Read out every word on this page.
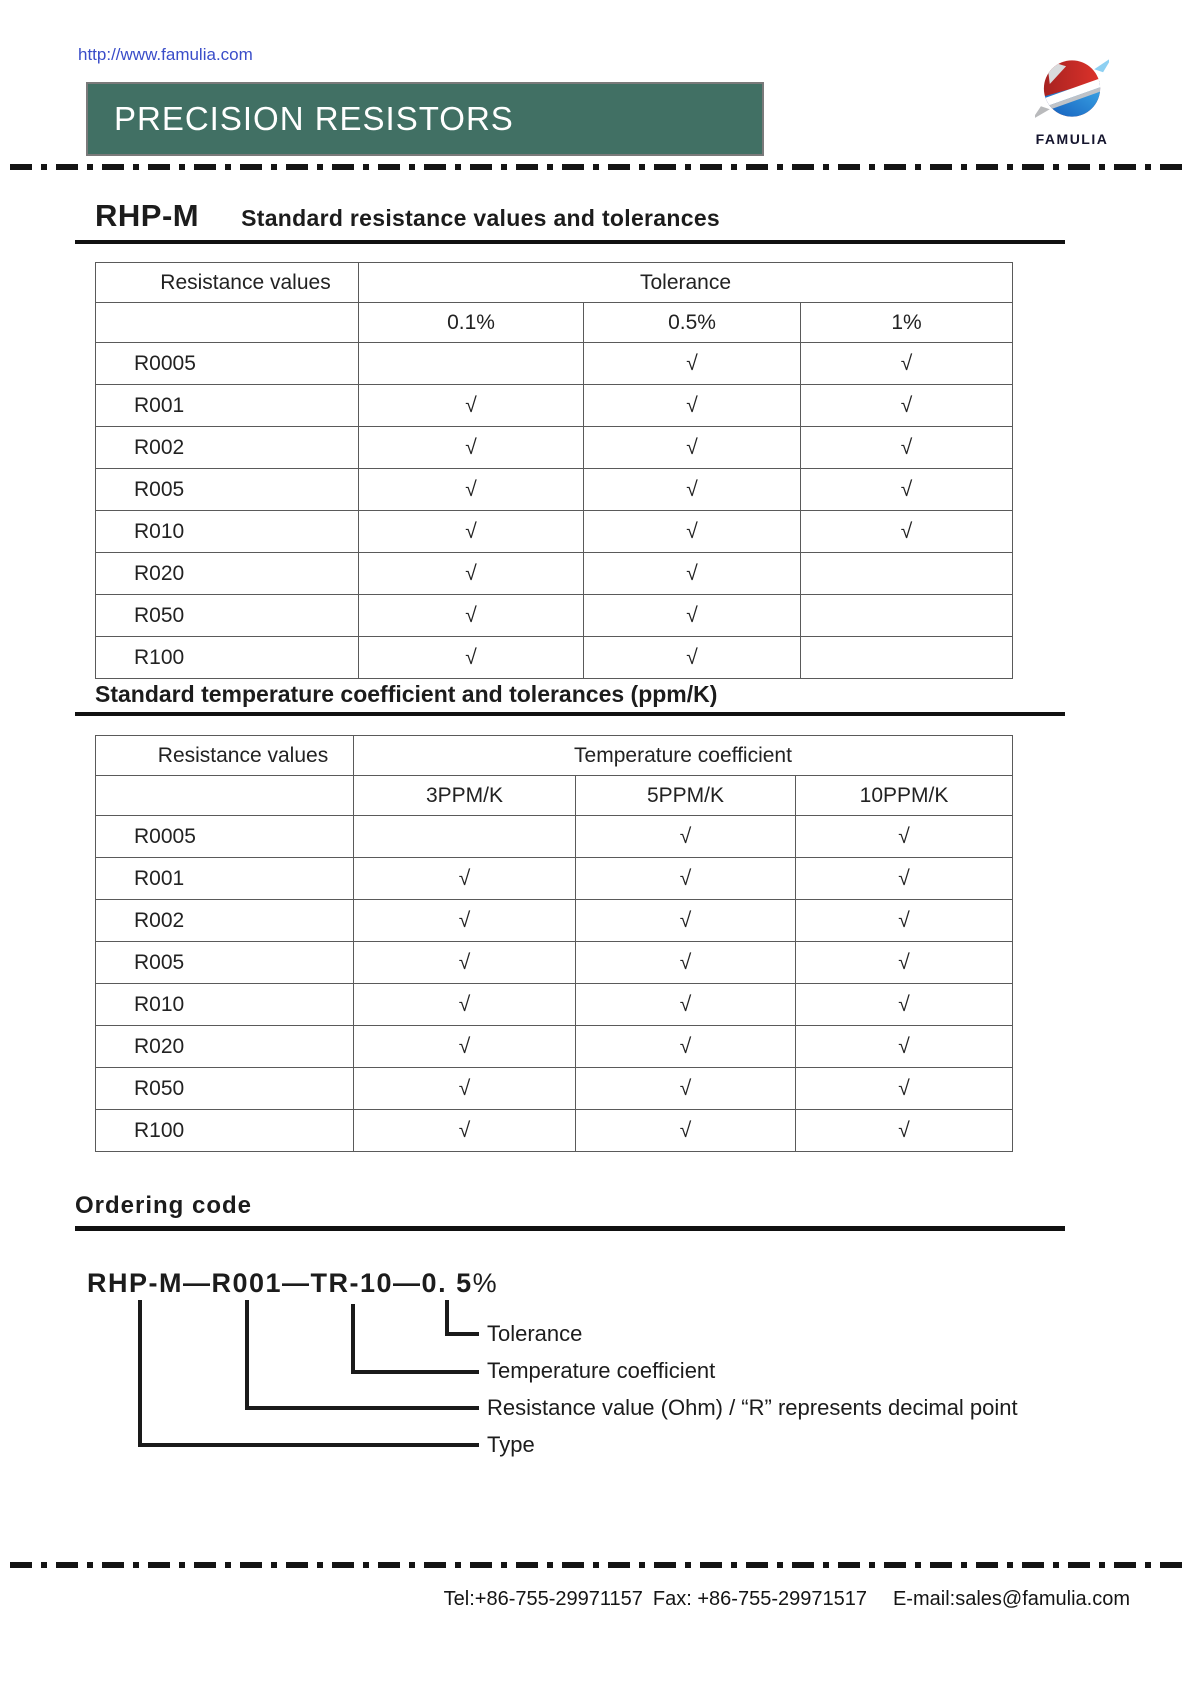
http://www.famulia.com
PRECISION RESISTORS
FAMULIA
RHP-M Standard resistance values and tolerances
Resistance values	Tolerance		
	0.1%	0.5%	1%
R0005		√	√
R001	√	√	√
R002	√	√	√
R005	√	√	√
R010	√	√	√
R020	√	√	
R050	√	√	
R100	√	√	
Standard temperature coefficient and tolerances (ppm/K)
Resistance values	Temperature coefficient		
	3PPM/K	5PPM/K	10PPM/K
R0005		√	√
R001	√	√	√
R002	√	√	√
R005	√	√	√
R010	√	√	√
R020	√	√	√
R050	√	√	√
R100	√	√	√
Ordering code
RHP-M—R001—TR-10—0. 5%
Tolerance
Temperature coefficient
Resistance value (Ohm) / “R” represents decimal point
Type
Tel:+86-755-29971157 Fax: +86-755-29971517 E-mail:sales@famulia.com
